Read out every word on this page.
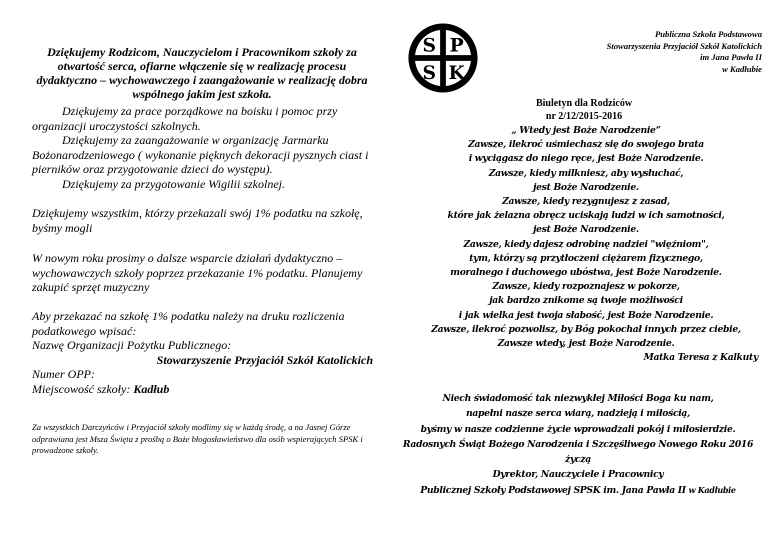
Dziękujemy Rodzicom, Nauczycielom i Pracownikom szkoły za otwartość serca, ofiarne włączenie się w realizację procesu dydaktyczno – wychowawczego i zaangażowanie w realizację dobra wspólnego jakim jest szkoła.

Dziękujemy za prace porządkowe na boisku i pomoc przy organizacji uroczystości szkolnych.

Dziękujemy za zaangażowanie w organizację Jarmarku Bożonarodzeniowego ( wykonanie pięknych dekoracji pysznych ciast i pierników oraz przygotowanie dzieci do występu).

Dziękujemy za przygotowanie Wigilii szkolnej.

Dziękujemy wszystkim, którzy przekazali swój 1% podatku na szkołę, byśmy mogli

W nowym roku prosimy o dalsze wsparcie działań dydaktyczno – wychowawczych szkoły poprzez przekazanie 1% podatku. Planujemy zakupić sprzęt muzyczny

Aby przekazać na szkołę 1% podatku należy na druku rozliczenia podatkowego wpisać:

Nazwę Organizacji Pożytku Publicznego:

Stowarzyszenie Przyjaciół Szkół Katolickich

Numer OPP:

Miejscowość szkoły: Kadłub

Za wszystkich Darczyńców i Przyjaciół szkoły modlimy się w każdą środę, a na Jasnej Górze odprawiana jest Msza Święta z prośbą o Boże błogosławieństwo dla osób wspierających SPSK i prowadzone szkoły.

S P
S K

Publiczna Szkoła Podstawowa

Stowarzyszenia Przyjaciół Szkół Katolickich

im Jana Pawła II

w Kadłubie

Biuletyn dla Rodziców

nr 2/12/2015-2016

„ Wtedy jest Boże Narodzenie”

Zawsze, ilekroć uśmiechasz się do swojego brata

i wyciągasz do niego ręce, jest Boże Narodzenie.

Zawsze, kiedy milkniesz, aby wysłuchać,

jest Boże Narodzenie.

Zawsze, kiedy rezygnujesz z zasad,

które jak żelazna obręcz uciskają ludzi w ich samotności,

jest Boże Narodzenie.

Zawsze, kiedy dajesz odrobinę nadziei "więźniom",

tym, którzy są przytłoczeni ciężarem fizycznego,

moralnego i duchowego ubóstwa, jest Boże Narodzenie.

Zawsze, kiedy rozpoznajesz w pokorze,

jak bardzo znikome są twoje możliwości

i jak wielka jest twoja słabość, jest Boże Narodzenie.

Zawsze, ilekroć pozwolisz, by Bóg pokochał innych przez ciebie,

Zawsze wtedy, jest Boże Narodzenie.

Matka Teresa z Kalkuty

Niech świadomość tak niezwykłej Miłości Boga ku nam,

napełni nasze serca wiarą, nadzieją i miłością,

byśmy w nasze codzienne życie wprowadzali pokój i miłosierdzie.

Radosnych Świąt Bożego Narodzenia i Szczęśliwego Nowego Roku 2016

życzą

Dyrektor, Nauczyciele i Pracownicy

Publicznej Szkoły Podstawowej SPSK im. Jana Pawła II w Kadłubie
